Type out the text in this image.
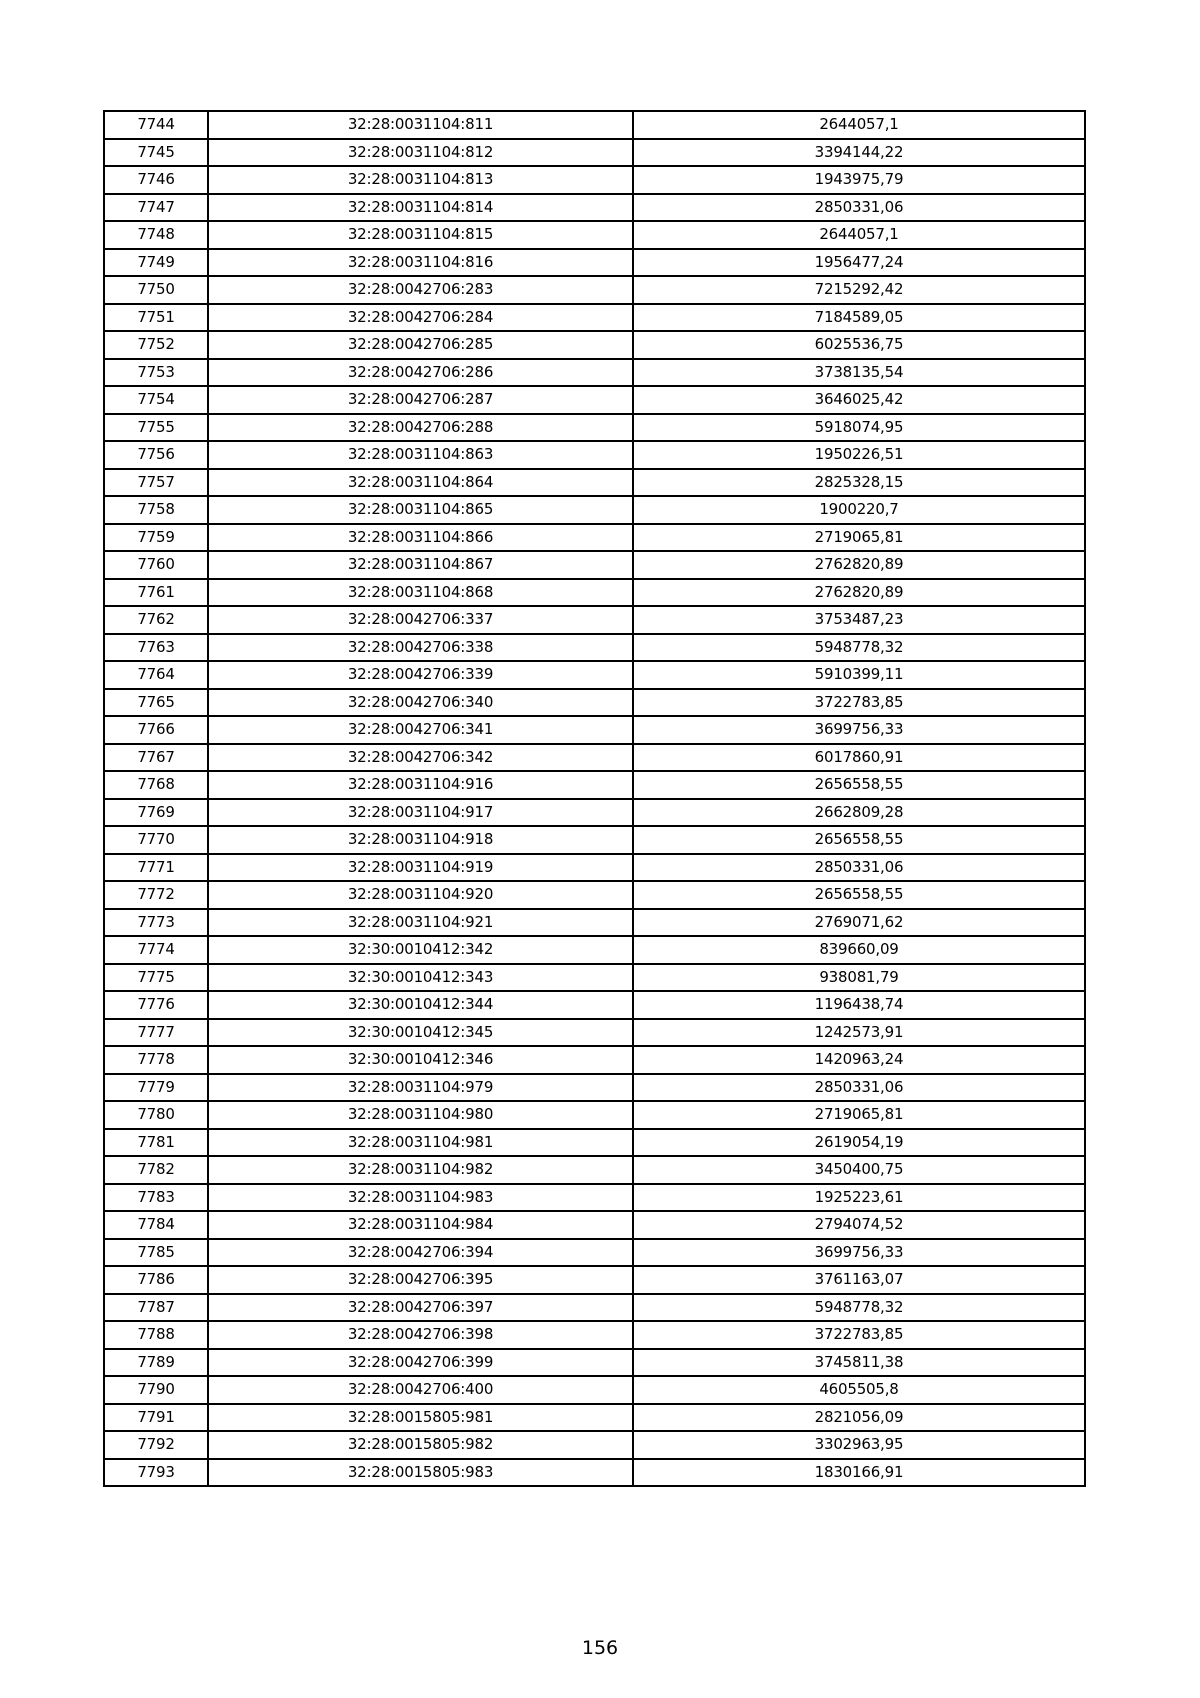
7744	32:28:0031104:811	2644057,1
7745	32:28:0031104:812	3394144,22
7746	32:28:0031104:813	1943975,79
7747	32:28:0031104:814	2850331,06
7748	32:28:0031104:815	2644057,1
7749	32:28:0031104:816	1956477,24
7750	32:28:0042706:283	7215292,42
7751	32:28:0042706:284	7184589,05
7752	32:28:0042706:285	6025536,75
7753	32:28:0042706:286	3738135,54
7754	32:28:0042706:287	3646025,42
7755	32:28:0042706:288	5918074,95
7756	32:28:0031104:863	1950226,51
7757	32:28:0031104:864	2825328,15
7758	32:28:0031104:865	1900220,7
7759	32:28:0031104:866	2719065,81
7760	32:28:0031104:867	2762820,89
7761	32:28:0031104:868	2762820,89
7762	32:28:0042706:337	3753487,23
7763	32:28:0042706:338	5948778,32
7764	32:28:0042706:339	5910399,11
7765	32:28:0042706:340	3722783,85
7766	32:28:0042706:341	3699756,33
7767	32:28:0042706:342	6017860,91
7768	32:28:0031104:916	2656558,55
7769	32:28:0031104:917	2662809,28
7770	32:28:0031104:918	2656558,55
7771	32:28:0031104:919	2850331,06
7772	32:28:0031104:920	2656558,55
7773	32:28:0031104:921	2769071,62
7774	32:30:0010412:342	839660,09
7775	32:30:0010412:343	938081,79
7776	32:30:0010412:344	1196438,74
7777	32:30:0010412:345	1242573,91
7778	32:30:0010412:346	1420963,24
7779	32:28:0031104:979	2850331,06
7780	32:28:0031104:980	2719065,81
7781	32:28:0031104:981	2619054,19
7782	32:28:0031104:982	3450400,75
7783	32:28:0031104:983	1925223,61
7784	32:28:0031104:984	2794074,52
7785	32:28:0042706:394	3699756,33
7786	32:28:0042706:395	3761163,07
7787	32:28:0042706:397	5948778,32
7788	32:28:0042706:398	3722783,85
7789	32:28:0042706:399	3745811,38
7790	32:28:0042706:400	4605505,8
7791	32:28:0015805:981	2821056,09
7792	32:28:0015805:982	3302963,95
7793	32:28:0015805:983	1830166,91
156
